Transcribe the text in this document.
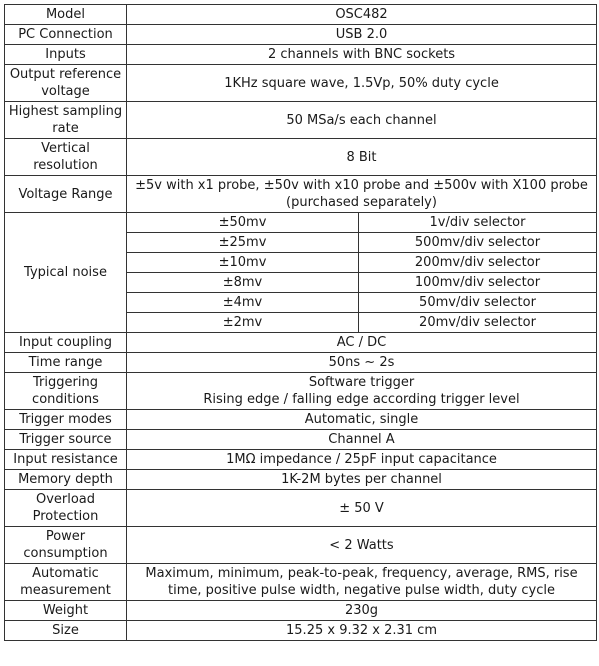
Model	OSC482	
PC Connection	USB 2.0	
Inputs	2 channels with BNC sockets	
Output reference voltage	1KHz square wave, 1.5Vp, 50% duty cycle	
Highest sampling rate	50 MSa/s each channel	
Vertical resolution	8 Bit	
Voltage Range	±5v with x1 probe, ±50v with x10 probe and ±500v with X100 probe (purchased separately)	
Typical noise	±50mv	1v/div selector
	±25mv	500mv/div selector
	±10mv	200mv/div selector
	±8mv	100mv/div selector
	±4mv	50mv/div selector
	±2mv	20mv/div selector
Input coupling	AC / DC	
Time range	50ns ~ 2s	
Triggering conditions	Software trigger
Rising edge / falling edge according trigger level	

Trigger modes	Automatic, single	
Trigger source	Channel A	
Input resistance	1MΩ impedance / 25pF input capacitance	
Memory depth	1K-2M bytes per channel	
Overload Protection	± 50 V	
Power consumption	< 2 Watts	
Automatic measurement	Maximum, minimum, peak-to-peak, frequency, average, RMS, rise time, positive pulse width, negative pulse width, duty cycle	
Weight	230g	
Size	15.25 x 9.32 x 2.31 cm	
